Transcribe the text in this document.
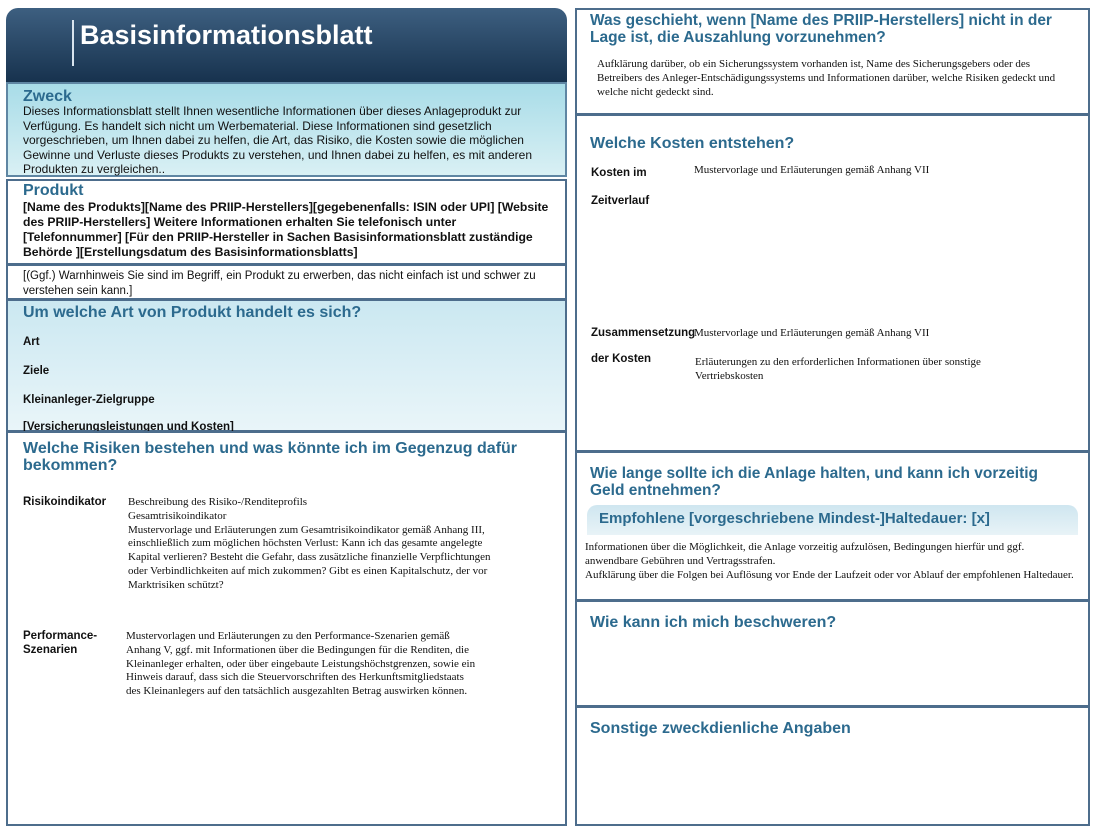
Basisinformationsblatt
Zweck
Dieses Informationsblatt stellt Ihnen wesentliche Informationen über dieses Anlageprodukt zur Verfügung. Es handelt sich nicht um Werbematerial. Diese Informationen sind gesetzlich vorgeschrieben, um Ihnen dabei zu helfen, die Art, das Risiko, die Kosten sowie die möglichen Gewinne und Verluste dieses Produkts zu verstehen, und Ihnen dabei zu helfen, es mit anderen Produkten zu vergleichen..
Produkt
[Name des Produkts][Name des PRIIP-Herstellers][gegebenenfalls: ISIN oder UPI] [Website des PRIIP-Herstellers] Weitere Informationen erhalten Sie telefonisch unter [Telefonnummer] [Für den PRIIP-Hersteller in Sachen Basisinformationsblatt zuständige Behörde ][Erstellungsdatum des Basisinformationsblatts]
[(Ggf.) Warnhinweis Sie sind im Begriff, ein Produkt zu erwerben, das nicht einfach ist und schwer zu verstehen sein kann.]
Um welche Art von Produkt handelt es sich?
Art
Ziele
Kleinanleger-Zielgruppe
[Versicherungsleistungen und Kosten]
Welche Risiken bestehen und was könnte ich im Gegenzug dafür bekommen?
Risikoindikator Beschreibung des Risiko-/Renditeprofils
Gesamtrisikoindikator
Mustervorlage und Erläuterungen zum Gesamtrisikoindikator gemäß Anhang III, einschließlich zum möglichen höchsten Verlust: Kann ich das gesamte angelegte Kapital verlieren? Besteht die Gefahr, dass zusätzliche finanzielle Verpflichtungen oder Verbindlichkeiten auf mich zukommen? Gibt es einen Kapitalschutz, der vor Marktrisiken schützt?
Performance-
Szenarien
Mustervorlagen und Erläuterungen zu den Performance-Szenarien gemäß Anhang V, ggf. mit Informationen über die Bedingungen für die Renditen, die Kleinanleger erhalten, oder über eingebaute Leistungshöchstgrenzen, sowie ein Hinweis darauf, dass sich die Steuervorschriften des Herkunftsmitgliedstaats des Kleinanlegers auf den tatsächlich ausgezahlten Betrag auswirken können.
Was geschieht, wenn [Name des PRIIP-Herstellers] nicht in der Lage ist, die Auszahlung vorzunehmen?
Aufklärung darüber, ob ein Sicherungssystem vorhanden ist, Name des Sicherungsgebers oder des Betreibers des Anleger-Entschädigungssystems und Informationen darüber, welche Risiken gedeckt und welche nicht gedeckt sind.
Welche Kosten entstehen?
Kosten im
Zeitverlauf
Mustervorlage und Erläuterungen gemäß Anhang VII
Zusammensetzung
der Kosten
Mustervorlage und Erläuterungen gemäß Anhang VII
Erläuterungen zu den erforderlichen Informationen über sonstige Vertriebskosten
Wie lange sollte ich die Anlage halten, und kann ich vorzeitig Geld entnehmen?
Empfohlene [vorgeschriebene Mindest-]Haltedauer: [x]
Informationen über die Möglichkeit, die Anlage vorzeitig aufzulösen, Bedingungen hierfür und ggf. anwendbare Gebühren und Vertragsstrafen.
Aufklärung über die Folgen bei Auflösung vor Ende der Laufzeit oder vor Ablauf der empfohlenen Haltedauer.
Wie kann ich mich beschweren?
Sonstige zweckdienliche Angaben
